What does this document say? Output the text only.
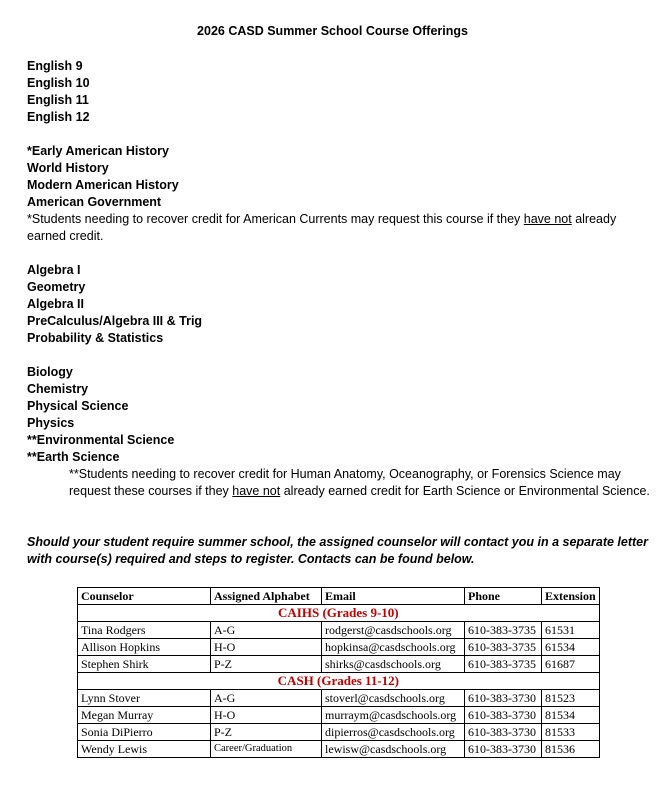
2026 CASD Summer School Course Offerings
English 9
English 10
English 11
English 12
*Early American History
World History
Modern American History
American Government
*Students needing to recover credit for American Currents may request this course if they have not already earned credit.
Algebra I
Geometry
Algebra II
PreCalculus/Algebra III & Trig
Probability & Statistics
Biology
Chemistry
Physical Science
Physics
**Environmental Science
**Earth Science
**Students needing to recover credit for Human Anatomy, Oceanography, or Forensics Science may request these courses if they have not already earned credit for Earth Science or Environmental Science.
Should your student require summer school, the assigned counselor will contact you in a separate letter with course(s) required and steps to register. Contacts can be found below.
Counselor	Assigned Alphabet	Email	Phone	Extension
CAIHS (Grades 9-10)				
Tina Rodgers	A-G	rodgerst@casdschools.org	610-383-3735	61531
Allison Hopkins	H-O	hopkinsa@casdschools.org	610-383-3735	61534
Stephen Shirk	P-Z	shirks@casdschools.org	610-383-3735	61687
CASH (Grades 11-12)				
Lynn Stover	A-G	stoverl@casdschools.org	610-383-3730	81523
Megan Murray	H-O	murraym@casdschools.org	610-383-3730	81534
Sonia DiPierro	P-Z	dipierros@casdschools.org	610-383-3730	81533
Wendy Lewis	Career/Graduation	lewisw@casdschools.org	610-383-3730	81536
